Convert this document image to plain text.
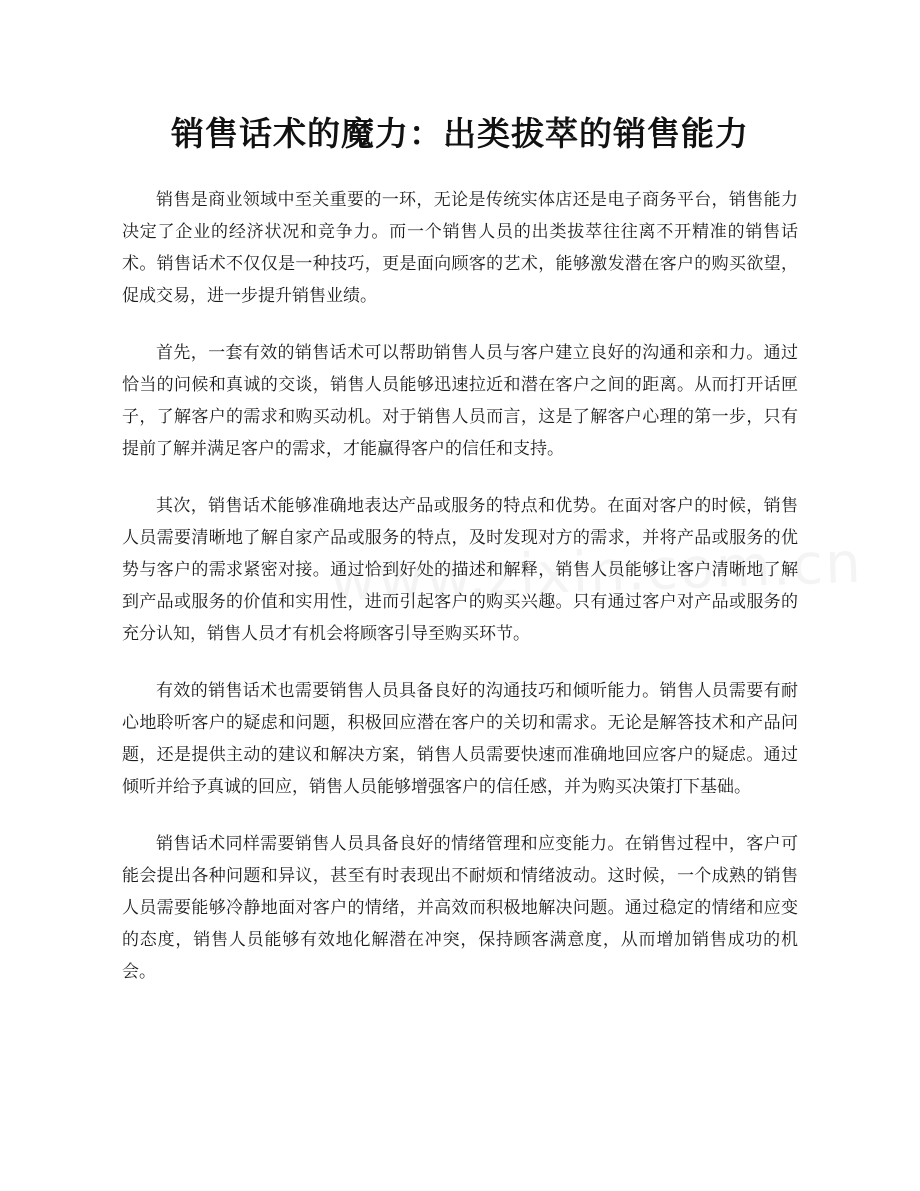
销售话术的魔力：出类拔萃的销售能力

销售是商业领域中至关重要的一环，无论是传统实体店还是电子商务平台，销售能力决定了企业的经济状况和竞争力。而一个销售人员的出类拔萃往往离不开精准的销售话术。销售话术不仅仅是一种技巧，更是面向顾客的艺术，能够激发潜在客户的购买欲望，促成交易，进一步提升销售业绩。

首先，一套有效的销售话术可以帮助销售人员与客户建立良好的沟通和亲和力。通过恰当的问候和真诚的交谈，销售人员能够迅速拉近和潜在客户之间的距离。从而打开话匣子，了解客户的需求和购买动机。对于销售人员而言，这是了解客户心理的第一步，只有提前了解并满足客户的需求，才能赢得客户的信任和支持。

其次，销售话术能够准确地表达产品或服务的特点和优势。在面对客户的时候，销售人员需要清晰地了解自家产品或服务的特点，及时发现对方的需求，并将产品或服务的优势与客户的需求紧密对接。通过恰到好处的描述和解释，销售人员能够让客户清晰地了解到产品或服务的价值和实用性，进而引起客户的购买兴趣。只有通过客户对产品或服务的充分认知，销售人员才有机会将顾客引导至购买环节。

有效的销售话术也需要销售人员具备良好的沟通技巧和倾听能力。销售人员需要有耐心地聆听客户的疑虑和问题，积极回应潜在客户的关切和需求。无论是解答技术和产品问题，还是提供主动的建议和解决方案，销售人员需要快速而准确地回应客户的疑虑。通过倾听并给予真诚的回应，销售人员能够增强客户的信任感，并为购买决策打下基础。

销售话术同样需要销售人员具备良好的情绪管理和应变能力。在销售过程中，客户可能会提出各种问题和异议，甚至有时表现出不耐烦和情绪波动。这时候，一个成熟的销售人员需要能够冷静地面对客户的情绪，并高效而积极地解决问题。通过稳定的情绪和应变的态度，销售人员能够有效地化解潜在冲突，保持顾客满意度，从而增加销售成功的机会。
